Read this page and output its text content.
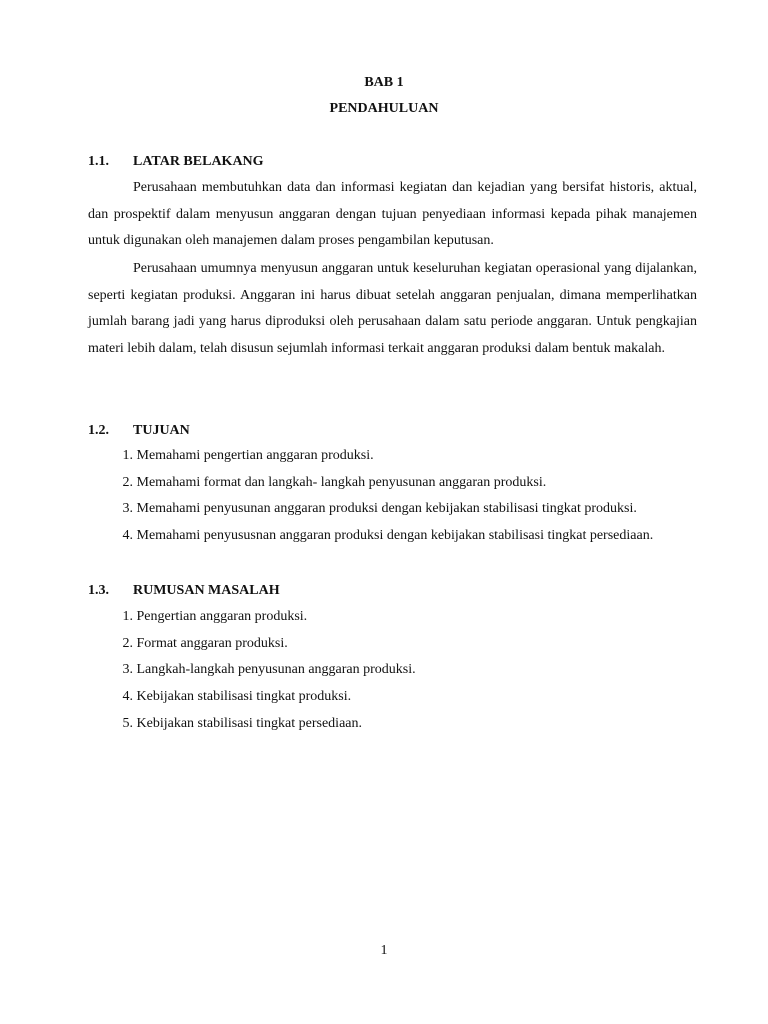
BAB 1
PENDAHULUAN
1.1. LATAR BELAKANG

Perusahaan membutuhkan data dan informasi kegiatan dan kejadian yang bersifat historis, aktual, dan prospektif dalam menyusun anggaran dengan tujuan penyediaan informasi kepada pihak manajemen untuk digunakan oleh manajemen dalam proses pengambilan keputusan.

Perusahaan umumnya menyusun anggaran untuk keseluruhan kegiatan operasional yang dijalankan, seperti kegiatan produksi. Anggaran ini harus dibuat setelah anggaran penjualan, dimana memperlihatkan jumlah barang jadi yang harus diproduksi oleh perusahaan dalam satu periode anggaran. Untuk pengkajian materi lebih dalam, telah disusun sejumlah informasi terkait anggaran produksi dalam bentuk makalah.

1.2. TUJUAN
1. Memahami pengertian anggaran produksi.
2. Memahami format dan langkah- langkah penyusunan anggaran produksi.
3. Memahami penyusunan anggaran produksi dengan kebijakan stabilisasi tingkat produksi.
4. Memahami penyususnan anggaran produksi dengan kebijakan stabilisasi tingkat persediaan.
1.3. RUMUSAN MASALAH
1. Pengertian anggaran produksi.
2. Format anggaran produksi.
3. Langkah-langkah penyusunan anggaran produksi.
4. Kebijakan stabilisasi tingkat produksi.
5. Kebijakan stabilisasi tingkat persediaan.
1
